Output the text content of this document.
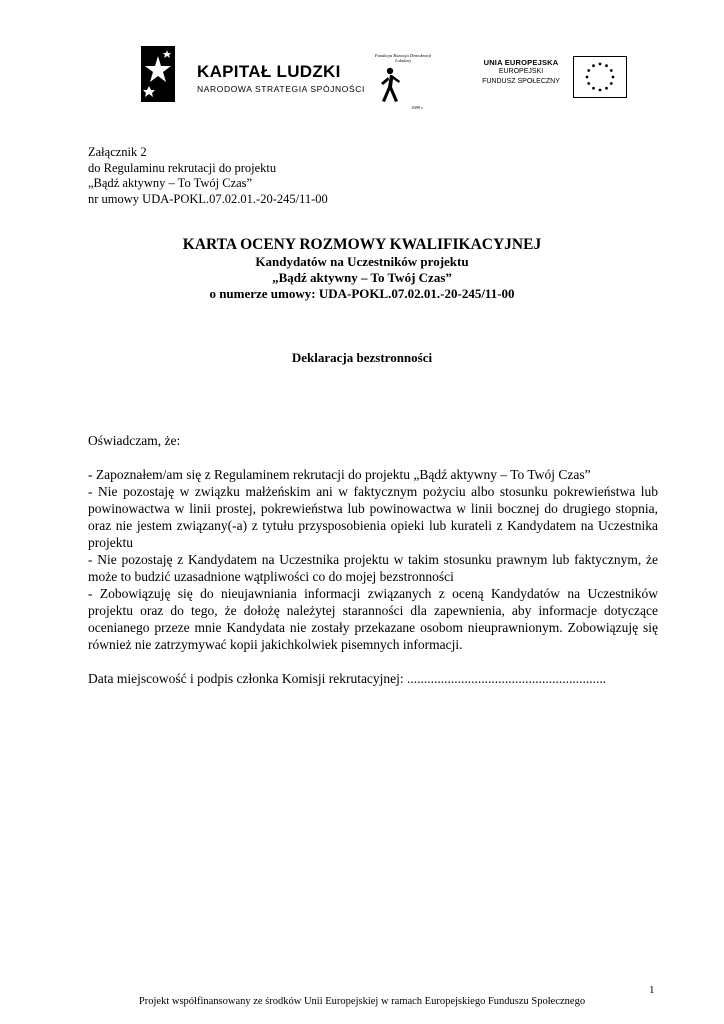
KAPITAŁ LUDZKI
NARODOWA STRATEGIA SPÓJNOŚCI
Fundacja Rozwoju Demokracji Lokalnej
1989 r.
UNIA EUROPEJSKA
EUROPEJSKI
FUNDUSZ SPOŁECZNY
Załącznik 2
do Regulaminu rekrutacji do projektu
„Bądź aktywny – To Twój Czas”
nr umowy UDA-POKL.07.02.01.-20-245/11-00
KARTA OCENY ROZMOWY KWALIFIKACYJNEJ
Kandydatów na Uczestników projektu
„Bądź aktywny – To Twój Czas”
o numerze umowy: UDA-POKL.07.02.01.-20-245/11-00
Deklaracja bezstronności
Oświadczam, że:

- Zapoznałem/am się z Regulaminem rekrutacji do projektu „Bądź aktywny – To Twój Czas”

- Nie pozostaję w związku małżeńskim ani w faktycznym pożyciu albo stosunku pokrewieństwa lub powinowactwa w linii prostej, pokrewieństwa lub powinowactwa w linii bocznej do drugiego stopnia, oraz nie jestem związany(-a) z tytułu przysposobienia opieki lub kurateli z Kandydatem na Uczestnika projektu

- Nie pozostaję z Kandydatem na Uczestnika projektu w takim stosunku prawnym lub faktycznym, że może to budzić uzasadnione wątpliwości co do mojej bezstronności

- Zobowiązuję się do nieujawniania informacji związanych z oceną Kandydatów na Uczestników projektu oraz do tego, że dołożę należytej staranności dla zapewnienia, aby informacje dotyczące ocenianego przeze mnie Kandydata nie zostały przekazane osobom nieuprawnionym. Zobowiązuję się również nie zatrzymywać kopii jakichkolwiek pisemnych informacji.

Data miejscowość i podpis członka Komisji rekrutacyjnej: ...........................................................
1
Projekt współfinansowany ze środków Unii Europejskiej w ramach Europejskiego Funduszu Społecznego
